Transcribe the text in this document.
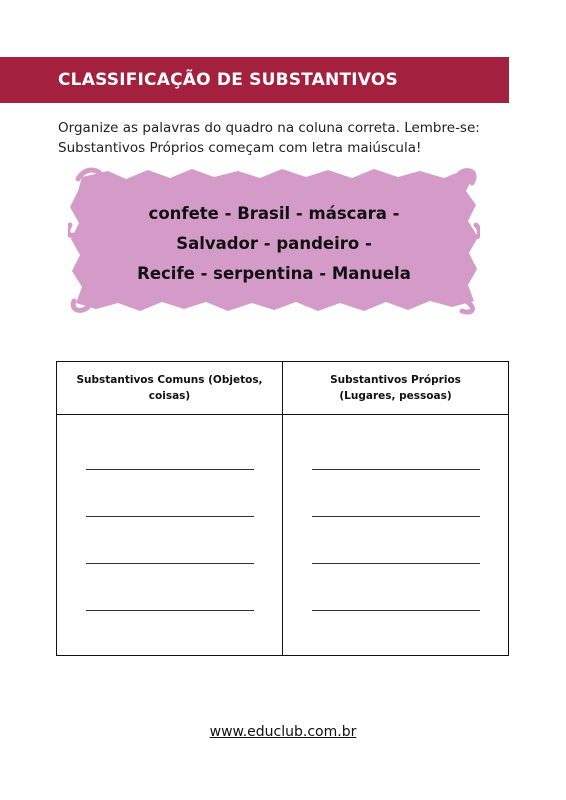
CLASSIFICAÇÃO DE SUBSTANTIVOS

Organize as palavras do quadro na coluna correta. Lembre-se:

Substantivos Próprios começam com letra maiúscula!

confete - Brasil - máscara -
Salvador - pandeiro -
Recife - serpentina - Manuela
Substantivos Comuns (Objetos, coisas)	Substantivos Próprios (Lugares, pessoas)

www.educlub.com.br
